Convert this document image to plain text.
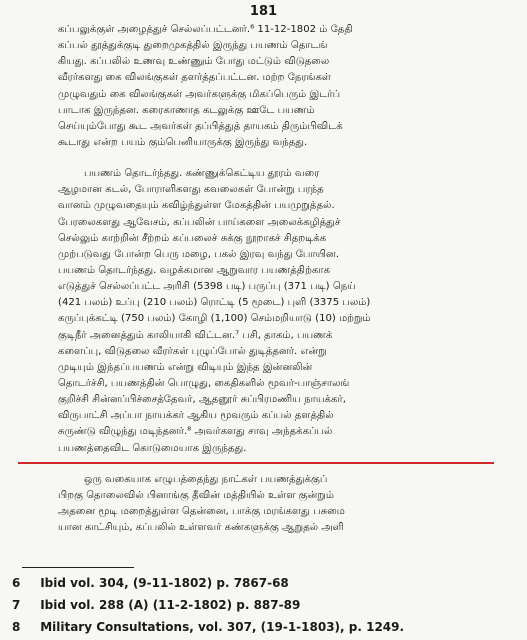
181
கப்பலுக்குள் அழைத்துச் செல்லப்பட்டனர்.⁶ 11-12-1802 ம் தேதி
கப்பல் தூத்துக்குடி துறைமுகத்தில் இருந்து பயணம் தொடங்
கியது. கப்பலில் உணவு உண்ணும் போது மட்டும் விடுதலை
வீரர்களது கை விலங்குகள் தளர்த்தப்பட்டன. மற்ற நேரங்கள்
முழுவதும் கை விலங்குகள் அவர்களுக்கு மிகப்பெரும் இடர்ப்
பாடாக இருந்தன. கரைகாணாத கடலுக்கு ஊடே பயணம்
செய்யும்போது கூட அவர்கள் தப்பித்துத் தாயகம் திரும்பிவிடக்
கூடாது என்ற பயம் கும்பெனியாருக்கு இருந்து வந்தது.
பயணம் தொடர்ந்தது. கண்ணுக்கெட்டிய தூரம் வரை
ஆழமான கடல், போராளிகளது கவலைகள் போன்று பரந்த
வானம் முழுவதையும் கவிழ்ந்துள்ள மேகத்தின் பயமுறுத்தல்.
பேரலைகளது ஆவேசம், கப்பலின் பாய்களை அலைக்கழித்துச்
செல்லும் காற்றின் சீற்றம் கப்பலைச் சுக்கு நூறாகச் சிதறடிக்க
முற்படுவது போன்ற பெரு மழை, பகல் இரவு வந்து போயின.
பயணம் தொடர்ந்தது. வழக்கமான ஆறுவார பயணத்திற்காக
எடுத்துச் செல்லப்பட்ட அரிசி (5398 படி) பருப்பு (371 படி) நெய்
(421 பலம்) உப்பு (210 பலம்) ரொட்டி (5 மூடை) புளி (3375 பலம்)
கருப்புக்கட்டி (750 பலம்) கோழி (1,100) செம்மறியாடு (10) மற்றும்
குடிநீர் அனைத்தும் காலியாகி விட்டன.⁷ பசி, தாகம், பயணக்
களைப்பு, விடுதலை வீரர்கள் புழுப்போல் துடித்தனர். என்று
முடியும் இந்தப்பயணம் என்று விடியும் இந்த இன்னலின்
தொடர்ச்சி, பயணத்தின் பொழுது, கைதிகளில் மூவர்-பாஞ்சாலங்
குறிச்சி சின்னப்பிச்சைத்தேவர், ஆதனூர் சுப்பிரமணிய நாயக்கர்,
விருபாட்சி அப்பா நாயக்கர் ஆகிய மூவரும் கப்பல் தளத்தில்
சுருண்டு விழுந்து மடிந்தனர்.⁸ அவர்களது சாவு அந்தக்கப்பல்
பயணத்தைவிட கொடுமையாக இருந்தது.
ஒரு வகையாக எழுபத்தைந்து நாட்கள் பயணத்துக்குப்
பிறகு தொலைவில் பினாங்கு தீவின் மத்தியில் உள்ள குன்றும்
அதனை மூடி மறைத்துள்ள தென்னை, பாக்கு மரங்களது பசுமை
யான காட்சியும், கப்பலில் உள்ளவர் கண்களுக்கு ஆறுதல் அளி
6 Ibid vol. 304, (9-11-1802) p. 7867-68
7 Ibid vol. 288 (A) (11-2-1802) p. 887-89
8 Military Consultations, vol. 307, (19-1-1803), p. 1249.
